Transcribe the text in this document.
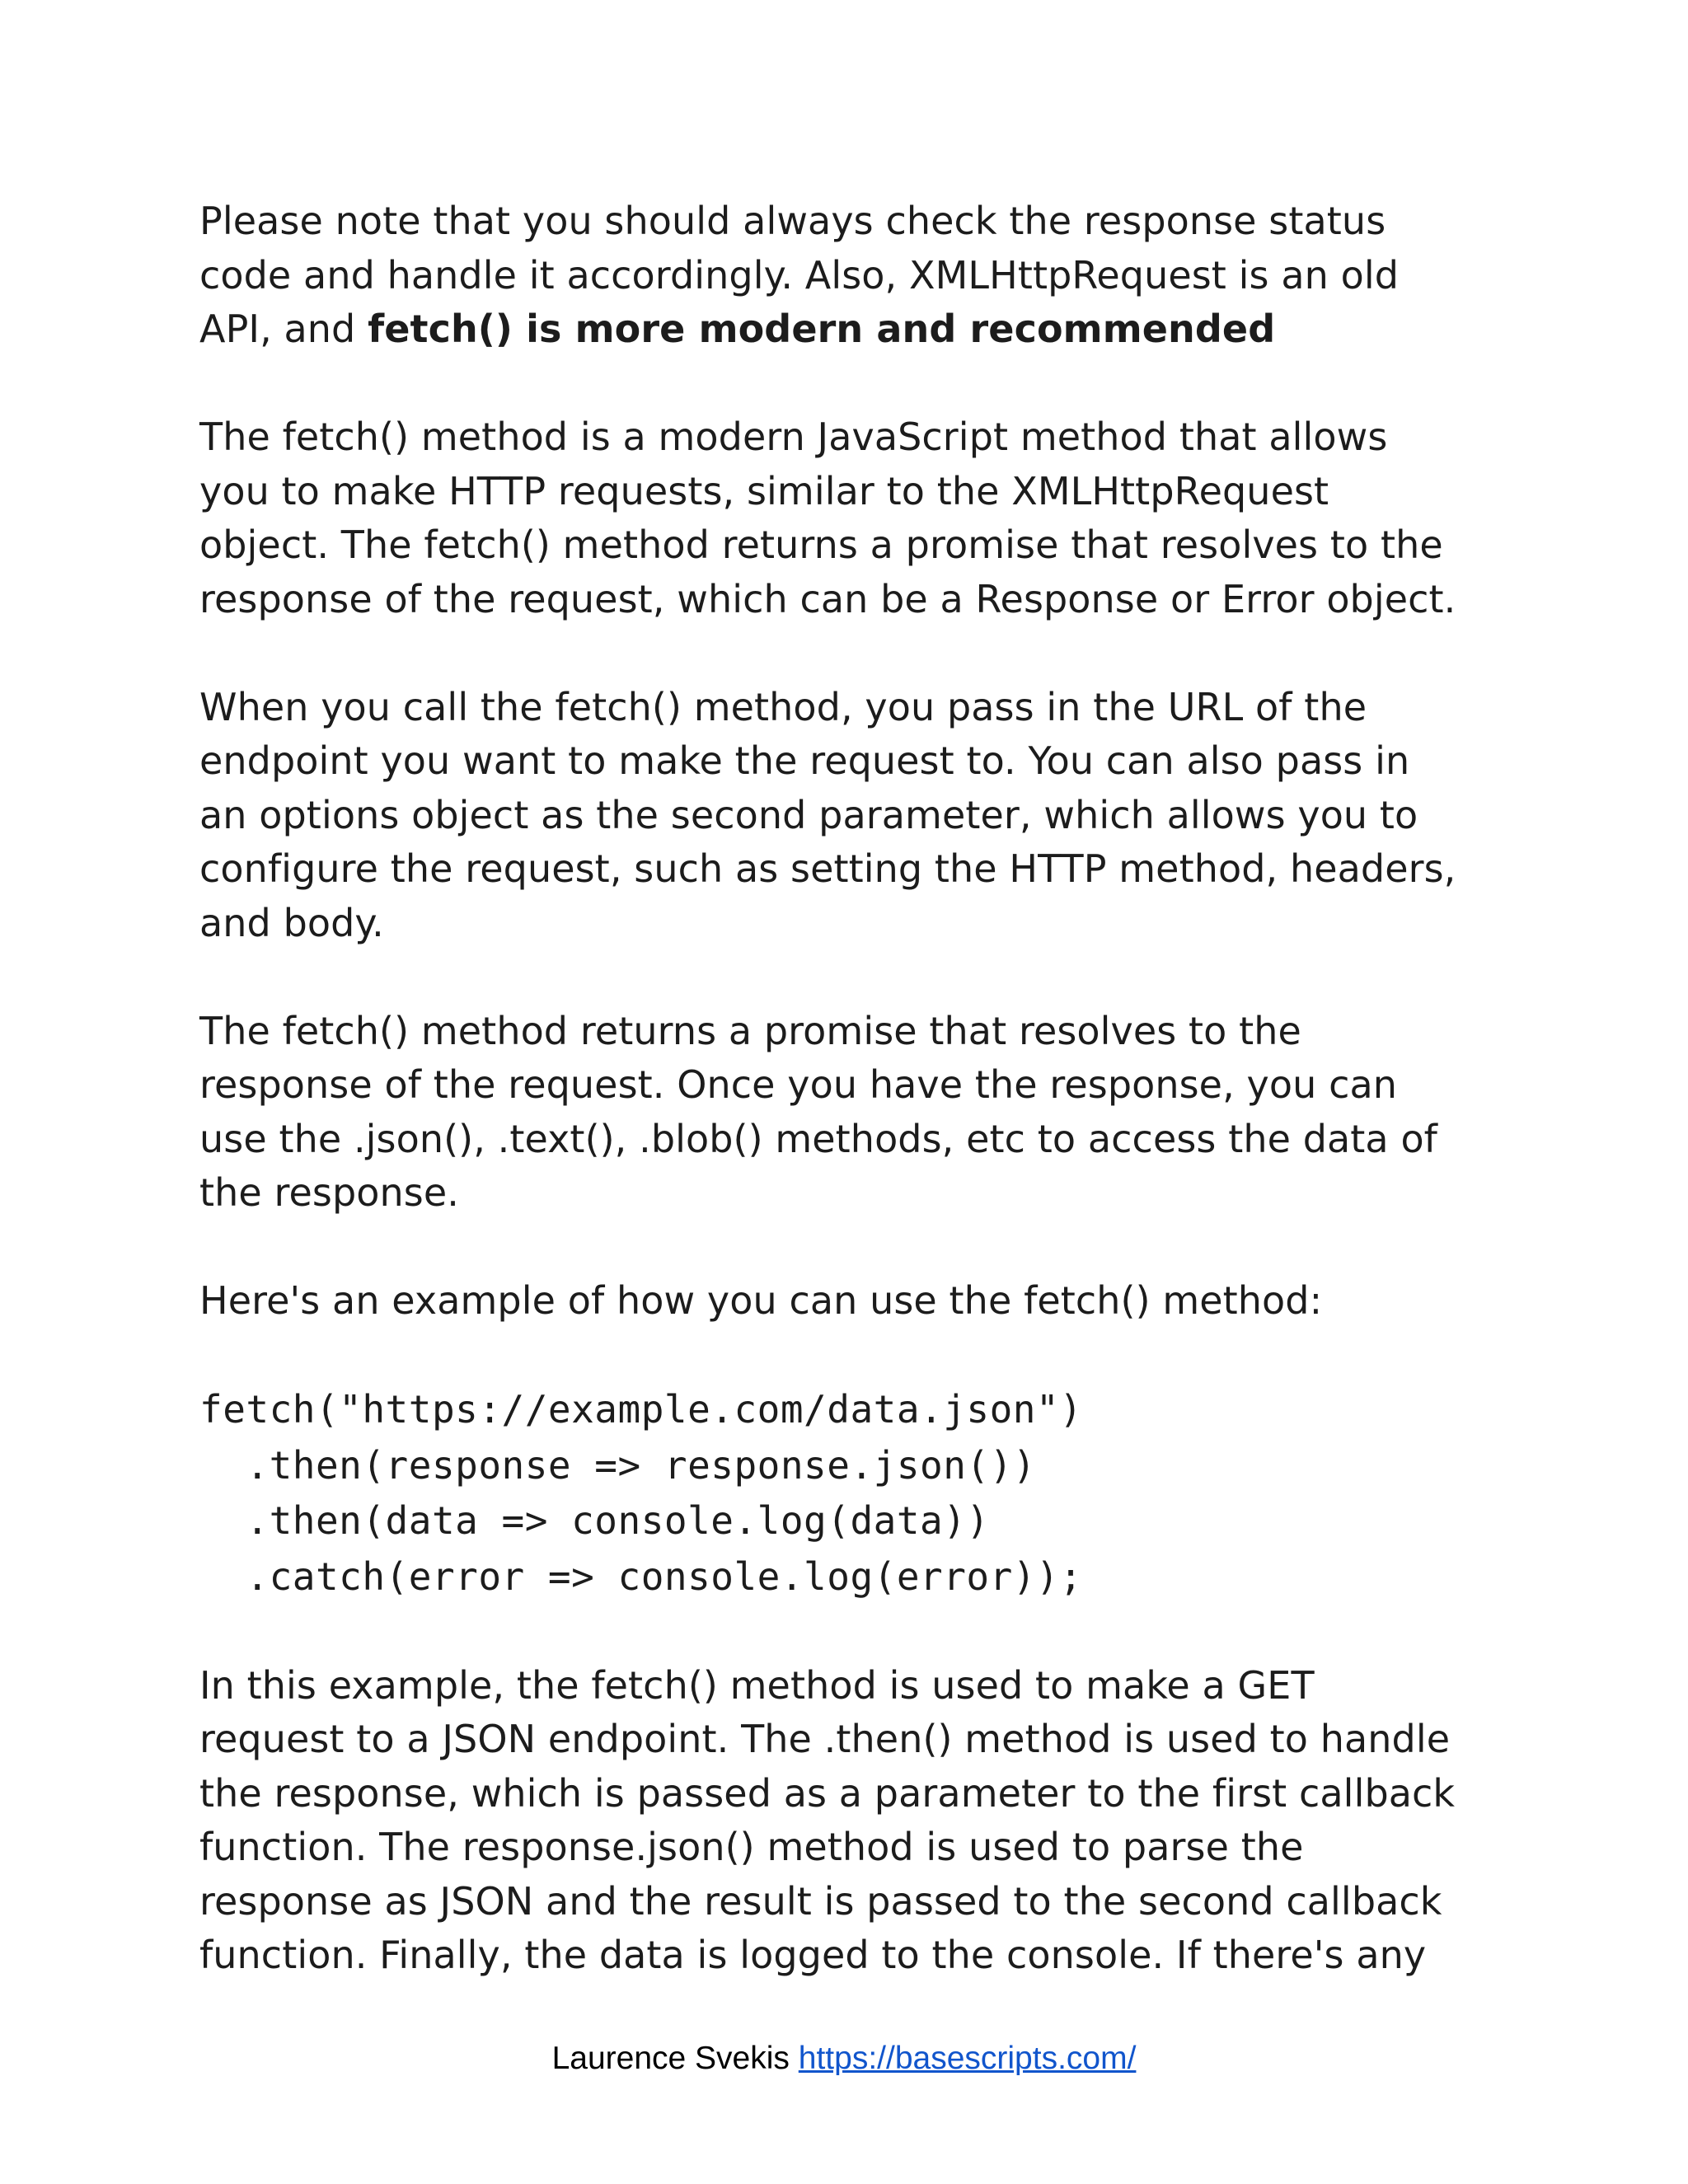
Please note that you should always check the response status
code and handle it accordingly. Also, XMLHttpRequest is an old
API, and fetch() is more modern and recommended

The fetch() method is a modern JavaScript method that allows
you to make HTTP requests, similar to the XMLHttpRequest
object. The fetch() method returns a promise that resolves to the
response of the request, which can be a Response or Error object.

When you call the fetch() method, you pass in the URL of the
endpoint you want to make the request to. You can also pass in
an options object as the second parameter, which allows you to
configure the request, such as setting the HTTP method, headers,
and body.

The fetch() method returns a promise that resolves to the
response of the request. Once you have the response, you can
use the .json(), .text(), .blob() methods, etc to access the data of
the response.

Here's an example of how you can use the fetch() method:

fetch("https://example.com/data.json")
.then(response => response.json())
.then(data => console.log(data))
.catch(error => console.log(error));

In this example, the fetch() method is used to make a GET
request to a JSON endpoint. The .then() method is used to handle
the response, which is passed as a parameter to the first callback
function. The response.json() method is used to parse the
response as JSON and the result is passed to the second callback
function. Finally, the data is logged to the console. If there's any

Laurence Svekis https://basescripts.com/
